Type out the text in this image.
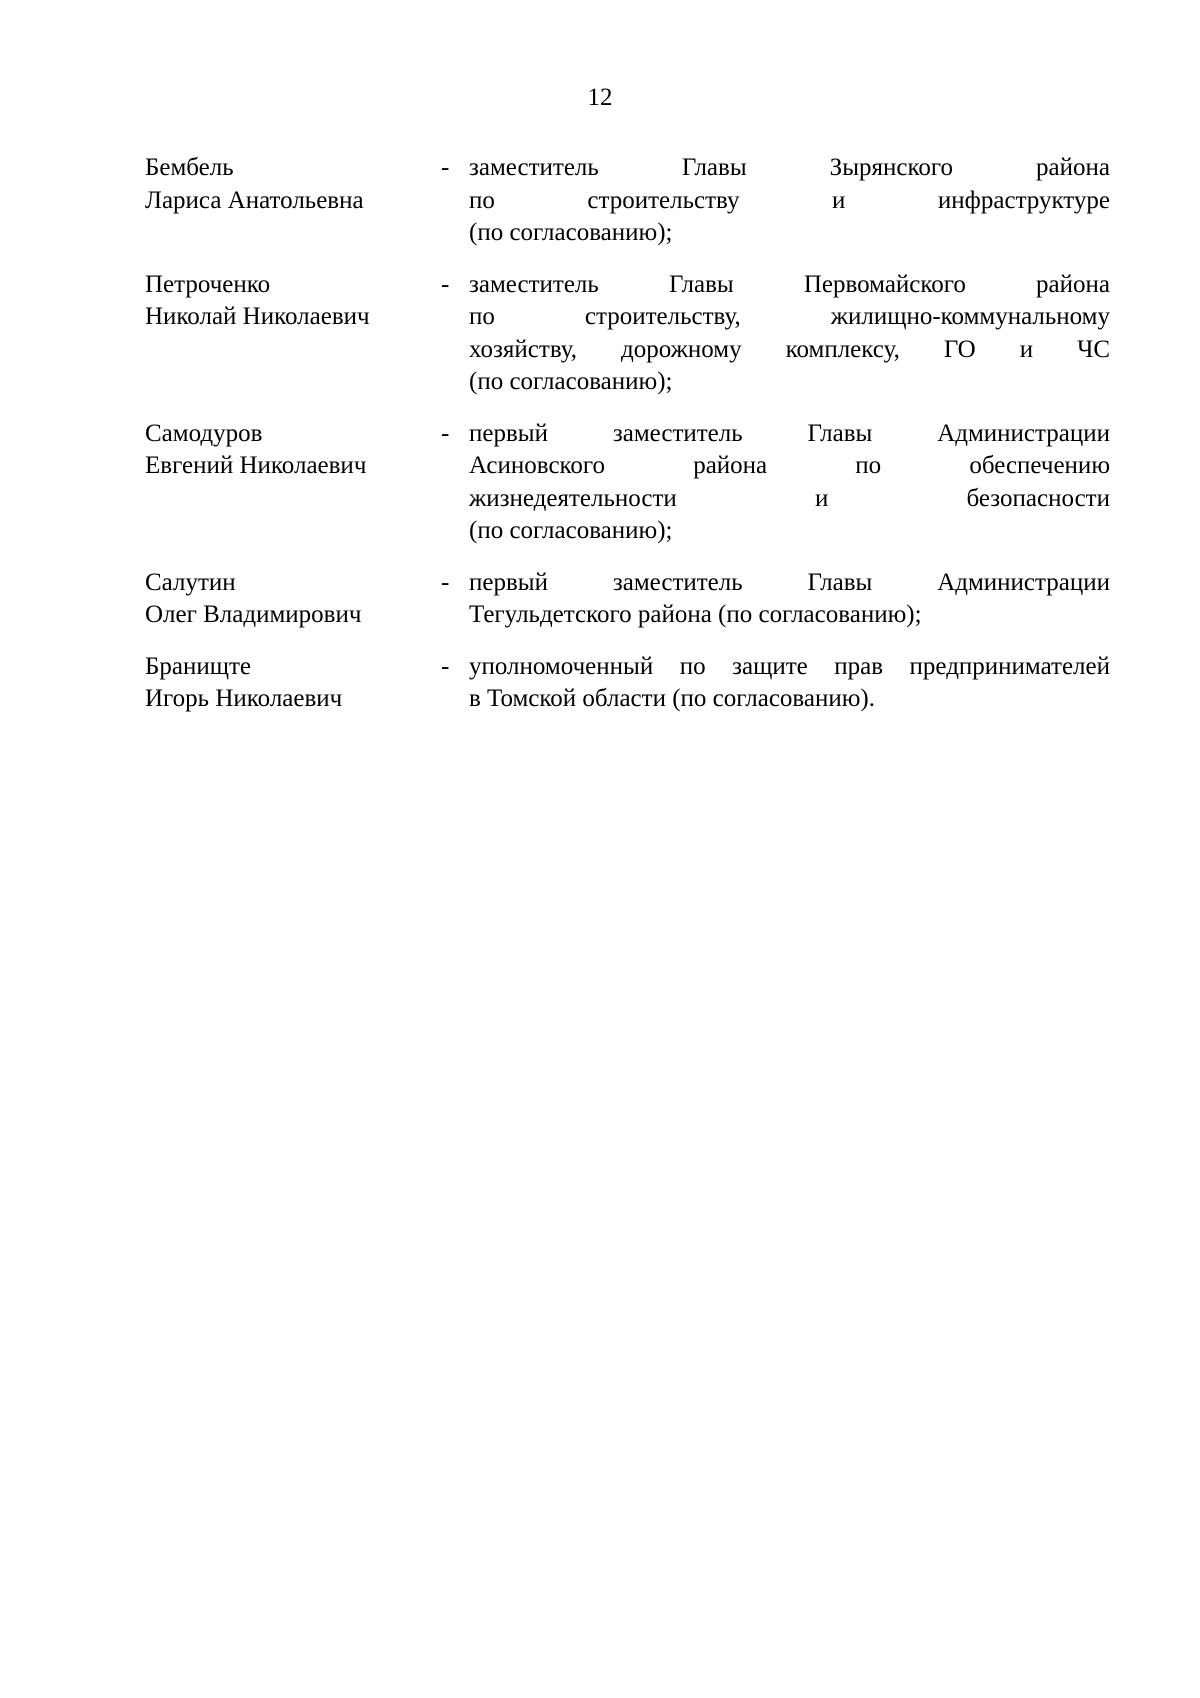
12
Бембель
Лариса Анатольевна
- заместитель Главы Зырянского района
по строительству и инфраструктуре
(по согласованию);
Петроченко
Николай Николаевич
- заместитель Главы Первомайского района
по строительству, жилищно-коммунальному
хозяйству, дорожному комплексу, ГО и ЧС
(по согласованию);
Самодуров
Евгений Николаевич
- первый заместитель Главы Администрации
Асиновского района по обеспечению
жизнедеятельности и безопасности
(по согласованию);
Салутин
Олег Владимирович
- первый заместитель Главы Администрации
Тегульдетского района (по согласованию);
Бранищте
Игорь Николаевич
- уполномоченный по защите прав предпринимателей
в Томской области (по согласованию).
